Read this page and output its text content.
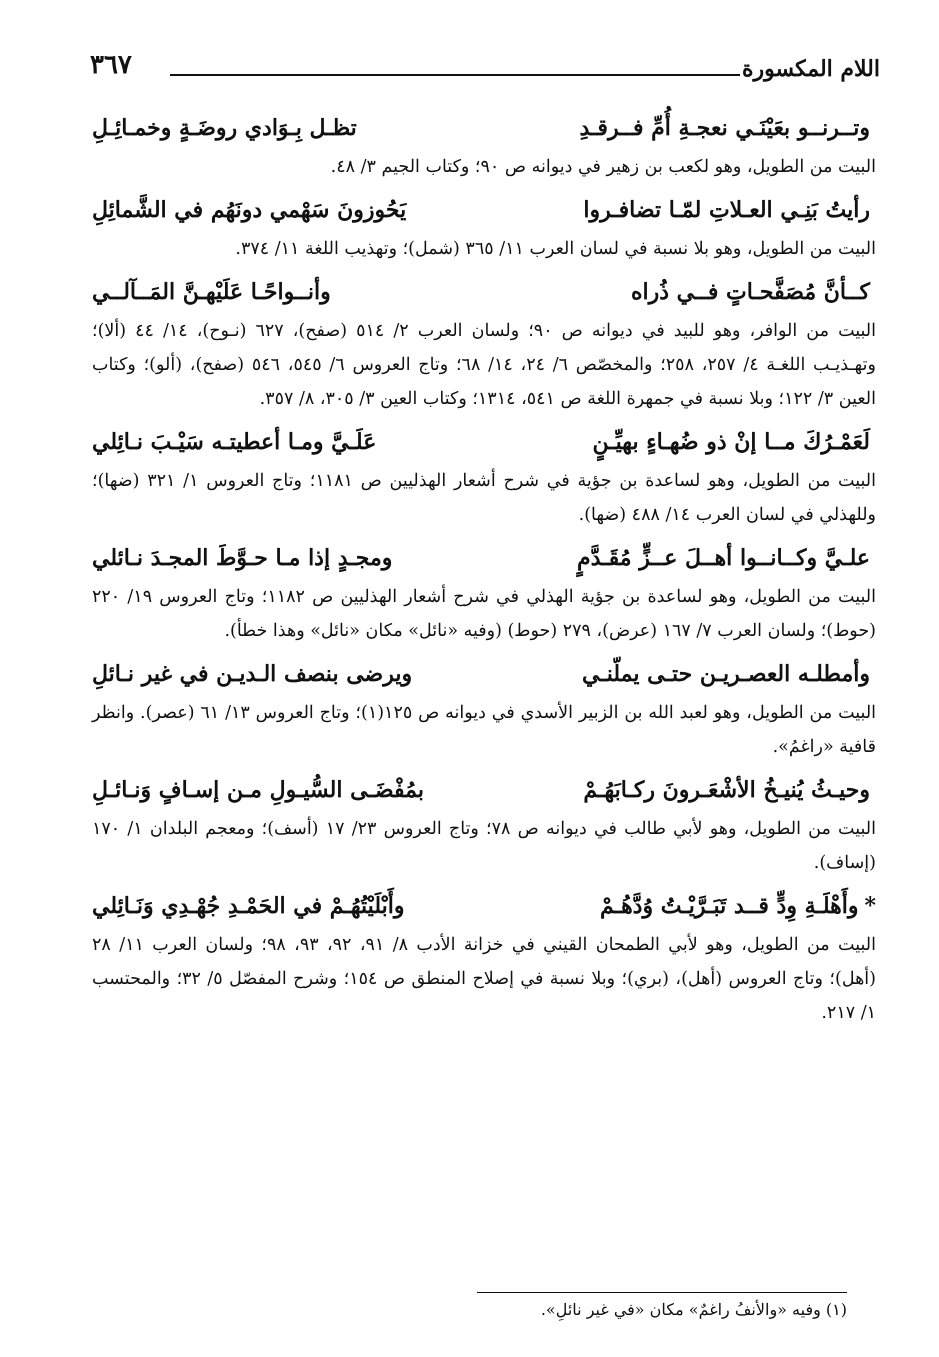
اللام المكسورة
٣٦٧
وتــرنــو بعَيْنَـي نعجـةِ أُمِّ فــرقـدِ
تظـل بِـوَادي روضَـةٍ وخمـائِـلِ

البيت من الطويل، وهو لكعب بن زهير في ديوانه ص ٩٠؛ وكتاب الجيم ٣/ ٤٨.

رأيتُ بَنِـي العـلاتِ لمّـا تضافـروا
يَحُوزونَ سَهْمي دونَهُم في الشَّمائِلِ

البيت من الطويل، وهو بلا نسبة في لسان العرب ١١/ ٣٦٥ (شمل)؛ وتهذيب اللغة ١١/ ٣٧٤.

كــأنَّ مُصَفَّحـاتٍ فــي ذُراه
وأنــواحًـا عَلَيْهـنَّ المَــآلــي

البيت من الوافر، وهو للبيد في ديوانه ص ٩٠؛ ولسان العرب ٢/ ٥١٤ (صفح)، ٦٢٧ (نـوح)، ١٤/ ٤٤ (ألا)؛ وتهـذيـب اللغـة ٤/ ٢٥٧، ٢٥٨؛ والمخصّص ٦/ ٢٤، ١٤/ ٦٨؛ وتاج العروس ٦/ ٥٤٥، ٥٤٦ (صفح)، (ألو)؛ وكتاب العين ٣/ ١٢٢؛ وبلا نسبة في جمهرة اللغة ص ٥٤١، ١٣١٤؛ وكتاب العين ٣/ ٣٠٥، ٨/ ٣٥٧.

لَعَمْـرُكَ مــا إنْ ذو ضُهـاءٍ بهيِّـنٍ
عَلَـيَّ ومـا أعطيتـه سَيْـبَ نـائِلي

البيت من الطويل، وهو لساعدة بن جؤية في شرح أشعار الهذليين ص ١١٨١؛ وتاج العروس ١/ ٣٢١ (ضها)؛ وللهذلي في لسان العرب ١٤/ ٤٨٨ (ضها).

علـيَّ وكــانــوا أهــلَ عــزٍّ مُقَـدَّمٍ
ومجـدٍ إذا مـا حـوَّطَ المجـدَ نـائلي

البيت من الطويل، وهو لساعدة بن جؤية الهذلي في شرح أشعار الهذليين ص ١١٨٢؛ وتاج العروس ١٩/ ٢٢٠ (حوط)؛ ولسان العرب ٧/ ١٦٧ (عرض)، ٢٧٩ (حوط) (وفيه «نائل» مكان «نائل» وهذا خطأ).

وأمطلـه العصـريـن حتـى يملّنـي
ويرضى بنصف الـديـن في غير نـائلِ

البيت من الطويل، وهو لعبد الله بن الزبير الأسدي في ديوانه ص ١٢٥(١)؛ وتاج العروس ١٣/ ٦١ (عصر). وانظر قافية «راغمُ».

وحيـثُ يُنيـخُ الأشْعَـرونَ ركـابَهُـمْ
بمُفْضَـى السُّيـولِ مـن إسـافٍ وَنـائـلِ

البيت من الطويل، وهو لأبي طالب في ديوانه ص ٧٨؛ وتاج العروس ٢٣/ ١٧ (أسف)؛ ومعجم البلدان ١/ ١٧٠ (إساف).

*وأَهْلَـةِ وِدٍّ قــد تَبَـرَّيْـتُ وُدَّهُـمْ
وأَبْلَيْتُهُـمْ في الحَمْـدِ جُهْـدِي وَنَـائِلي

البيت من الطويل، وهو لأبي الطمحان القيني في خزانة الأدب ٨/ ٩١، ٩٢، ٩٣، ٩٨؛ ولسان العرب ١١/ ٢٨ (أهل)؛ وتاج العروس (أهل)، (بري)؛ وبلا نسبة في إصلاح المنطق ص ١٥٤؛ وشرح المفصّل ٥/ ٣٢؛ والمحتسب ١/ ٢١٧.

(١) وفيه «والأنفُ راغمٌ» مكان «في غير نائلِ».
